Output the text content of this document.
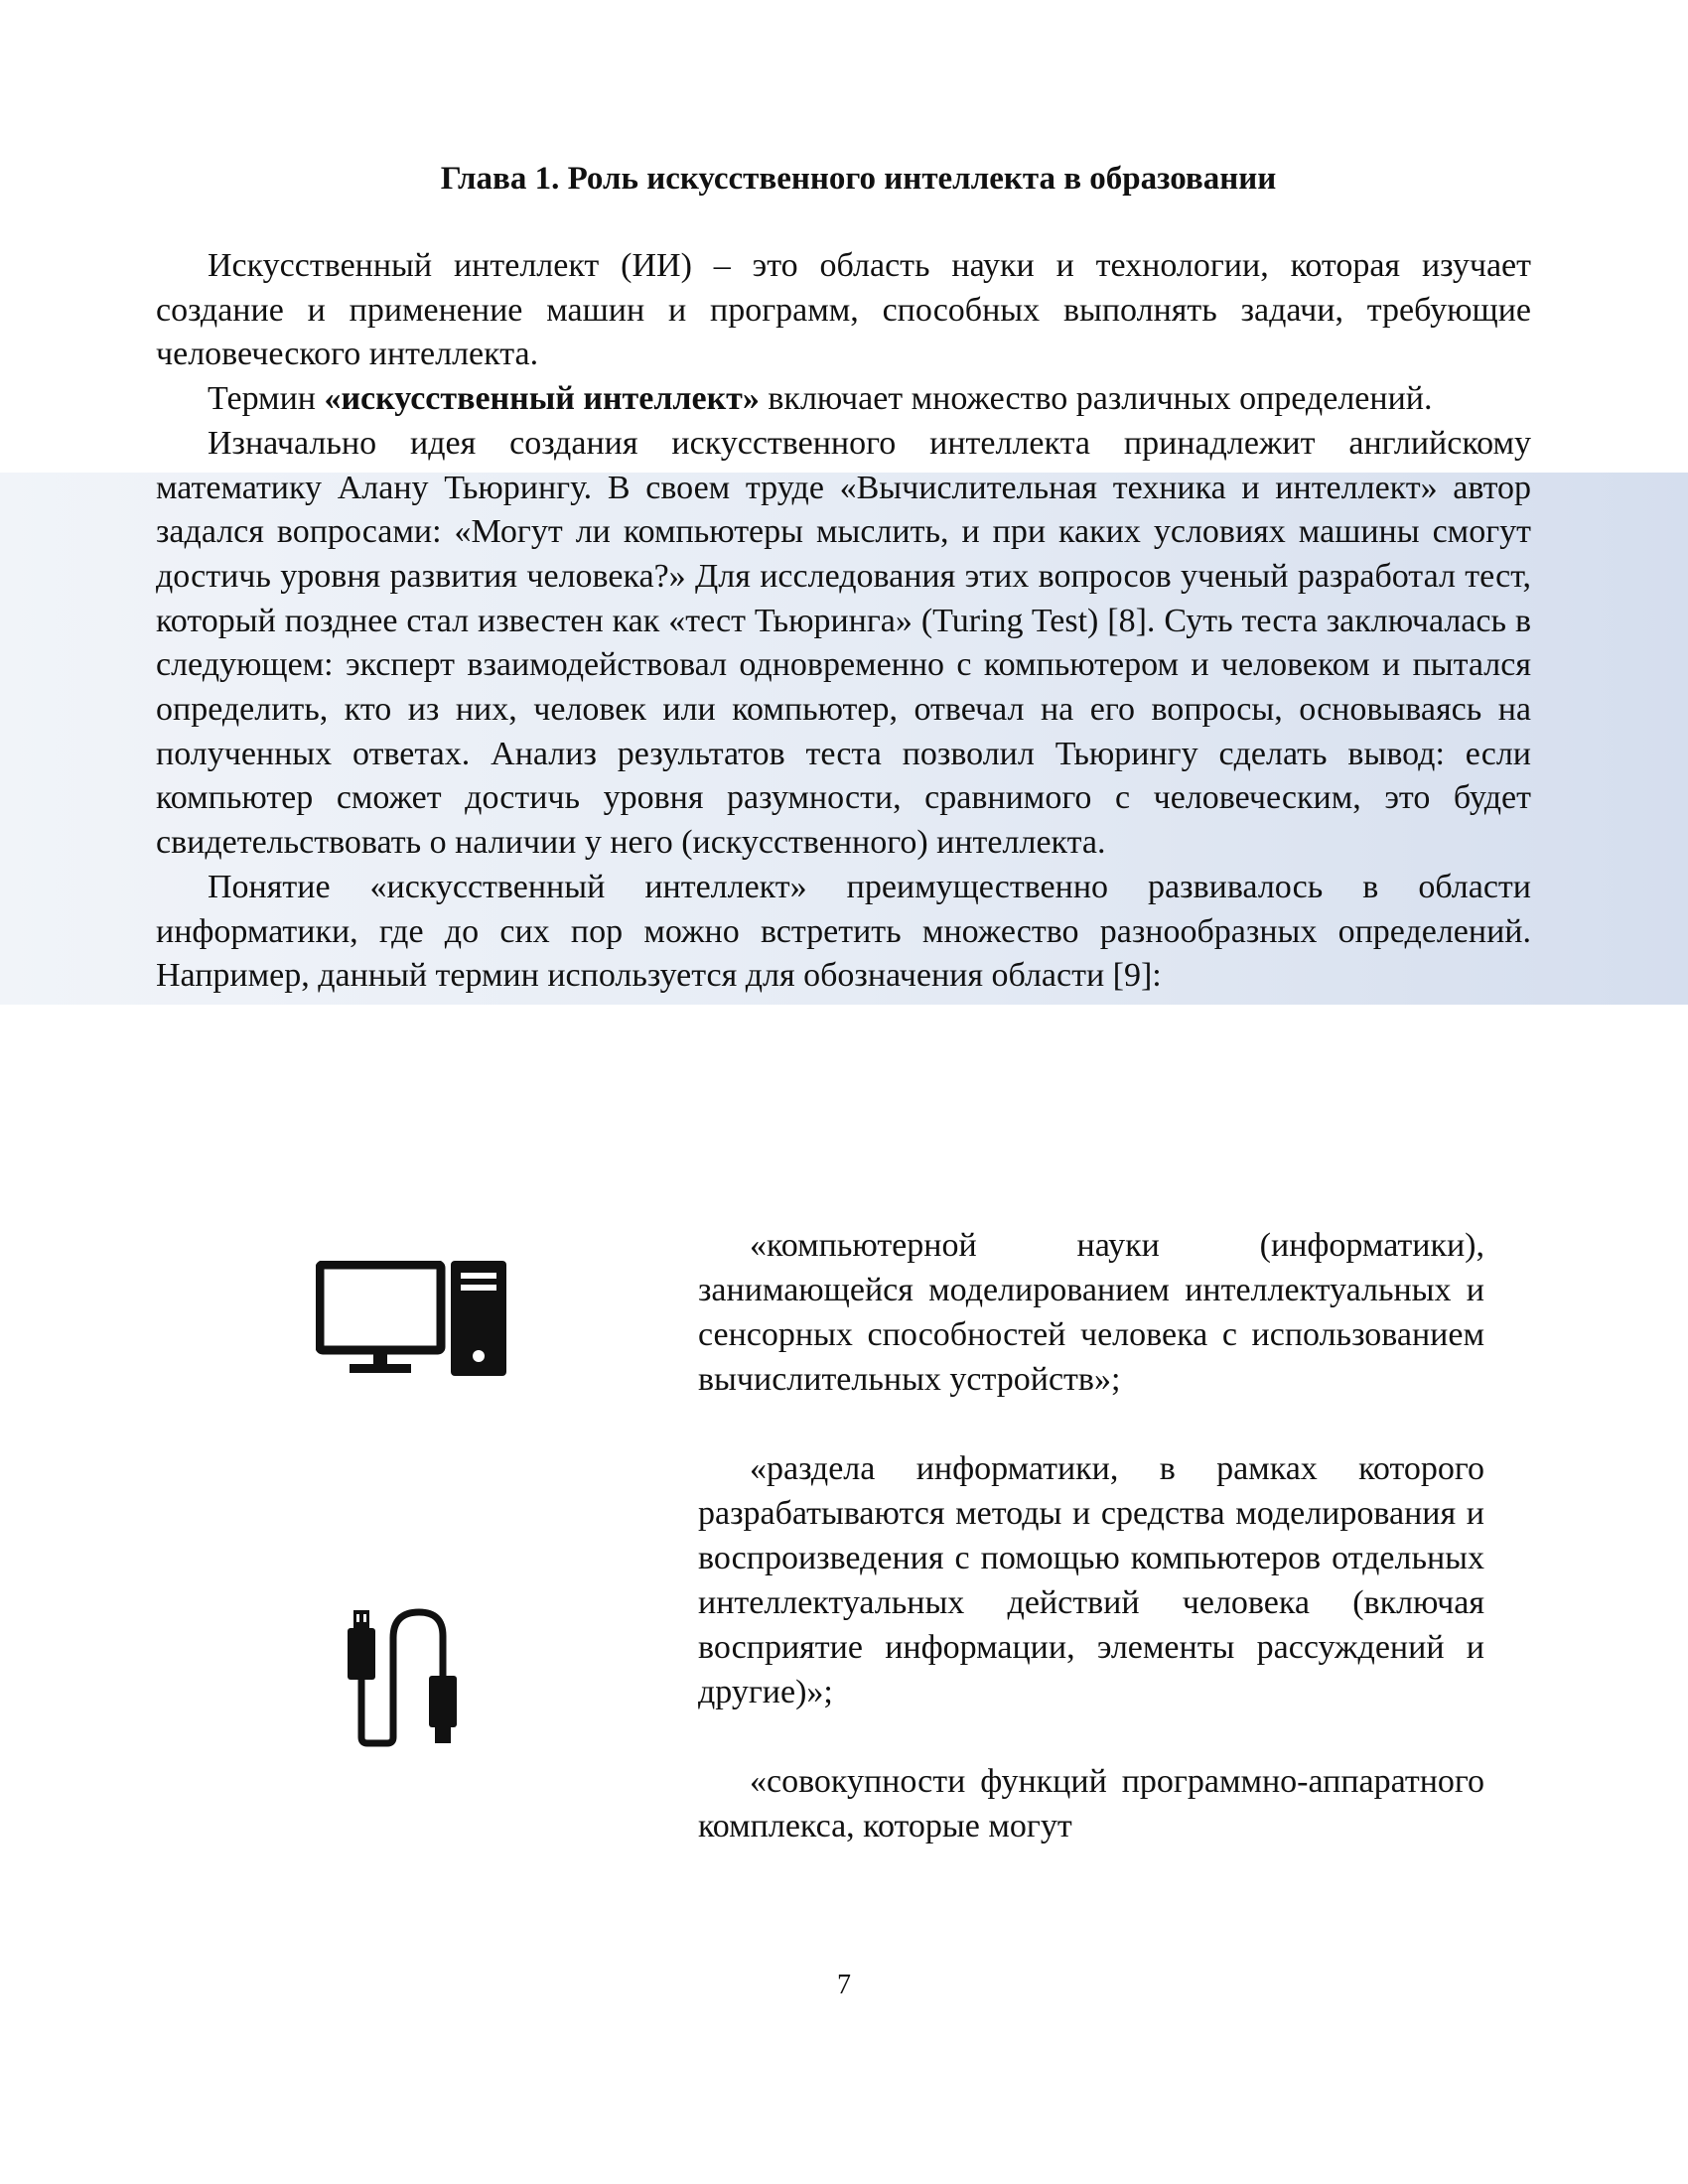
Глава 1. Роль искусственного интеллекта в образовании

Искусственный интеллект (ИИ) – это область науки и технологии, которая изучает создание и применение машин и программ, способных выполнять задачи, требующие человеческого интеллекта.

Термин «искусственный интеллект» включает множество различных определений.

Изначально идея создания искусственного интеллекта принадлежит английскому математику Алану Тьюрингу. В своем труде «Вычислительная техника и интеллект» автор задался вопросами: «Могут ли компьютеры мыслить, и при каких условиях машины смогут достичь уровня развития человека?» Для исследования этих вопросов ученый разработал тест, который позднее стал известен как «тест Тьюринга» (Turing Test) [8]. Суть теста заключалась в следующем: эксперт взаимодействовал одновременно с компьютером и человеком и пытался определить, кто из них, человек или компьютер, отвечал на его вопросы, основываясь на полученных ответах. Анализ результатов теста позволил Тьюрингу сделать вывод: если компьютер сможет достичь уровня разумности, сравнимого с человеческим, это будет свидетельствовать о наличии у него (искусственного) интеллекта.

Понятие «искусственный интеллект» преимущественно развивалось в области информатики, где до сих пор можно встретить множество разнообразных определений. Например, данный термин используется для обозначения области [9]:

«компьютерной науки (информатики), занимающейся моделированием интеллектуальных и сенсорных способностей человека с использованием вычислительных устройств»;

«раздела информатики, в рамках которого разрабатываются методы и средства моделирования и воспроизведения с помощью компьютеров отдельных интеллектуальных действий человека (включая восприятие информации, элементы рассуждений и другие)»;

«совокупности функций программно-аппаратного комплекса, которые могут

7
